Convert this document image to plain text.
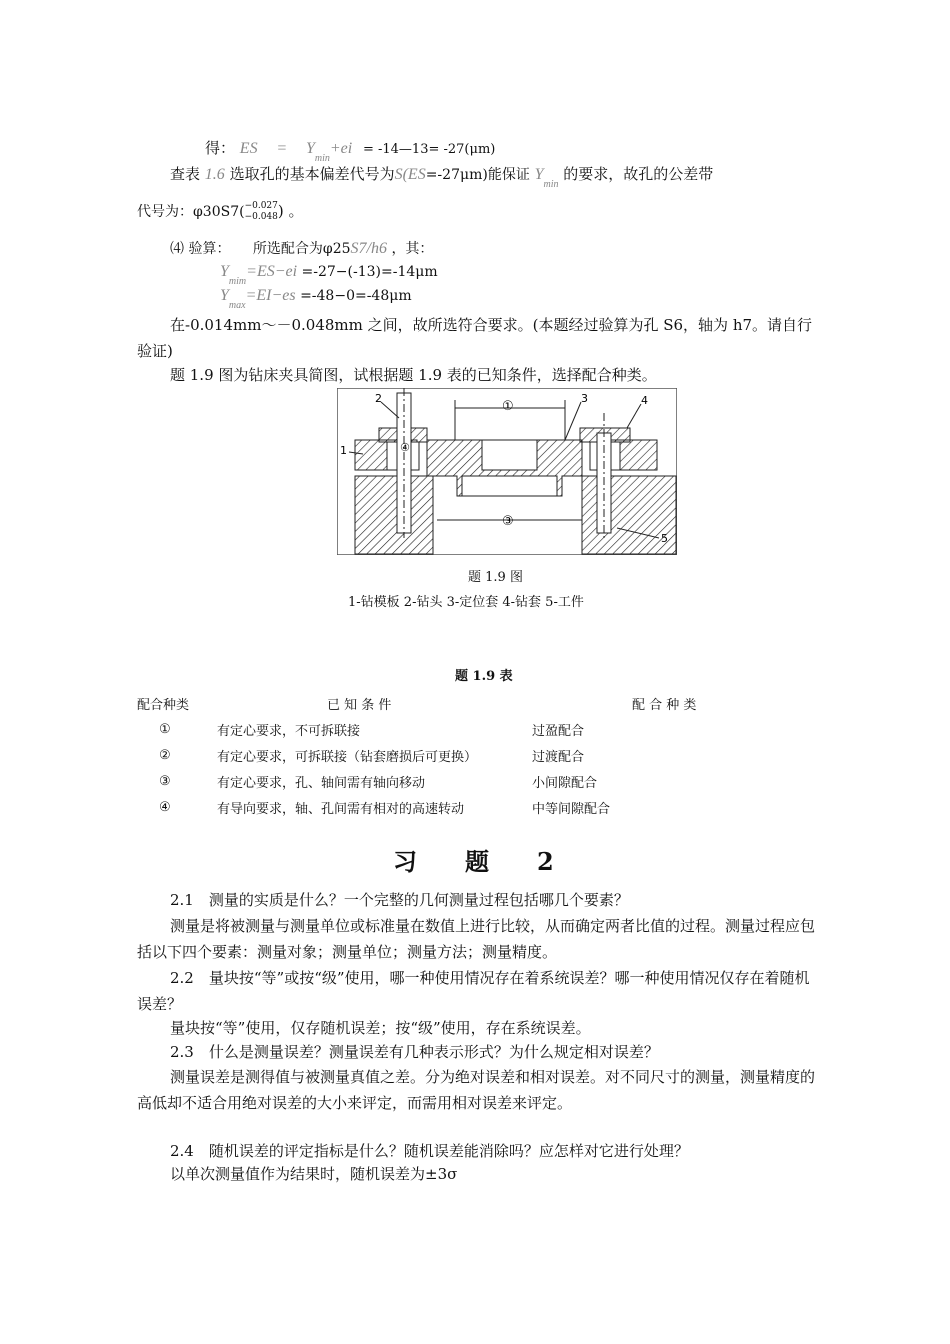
得： ES = $Y_{min}+ei$ = -14—13= -27(μm)
查表 1.6 选取孔的基本偏差代号为S(ES=-27μm)能保证 $Y_{min}$ 的要求，故孔的公差带
代号为：φ30S7(−0.027
−0.048) 。
⑷ 验算： 所选配合为φ25S7/h6 ，其：
$Y_{mim}=ES-ei =-27-(-13)=-14\mu m$
$Y_{max}=EI-es =-48-0=-48\mu m$
在-0.014mm～－0.048mm 之间，故所选符合要求。(本题经过验算为孔 S6，轴为 h7。请自行验证)
题 1.9 图为钻床夹具简图，试根据题 1.9 表的已知条件，选择配合种类。
2	3	4
1
5
①
③
④
题 1.9 图
1-钻模板 2-钻头 3-定位套 4-钻套 5-工件
题 1.9 表
配合种类	已 知 条 件	配 合 种 类
①	有定心要求，不可拆联接	过盈配合
②	有定心要求，可拆联接（钻套磨损后可更换）	过渡配合
③	有定心要求，孔、轴间需有轴向移动	小间隙配合
④	有导向要求，轴、孔间需有相对的高速转动	中等间隙配合
习 题 2
2.1　测量的实质是什么？一个完整的几何测量过程包括哪几个要素？
测量是将被测量与测量单位或标准量在数值上进行比较，从而确定两者比值的过程。测量过程应包括以下四个要素：测量对象；测量单位；测量方法；测量精度。
2.2　量块按“等”或按“级”使用，哪一种使用情况存在着系统误差？哪一种使用情况仅存在着随机误差？
量块按“等”使用，仅存随机误差；按“级”使用，存在系统误差。
2.3　什么是测量误差？测量误差有几种表示形式？为什么规定相对误差？
测量误差是测得值与被测量真值之差。分为绝对误差和相对误差。对不同尺寸的测量，测量精度的高低却不适合用绝对误差的大小来评定，而需用相对误差来评定。
2.4　随机误差的评定指标是什么？随机误差能消除吗？应怎样对它进行处理？
以单次测量值作为结果时，随机误差为±3σ
